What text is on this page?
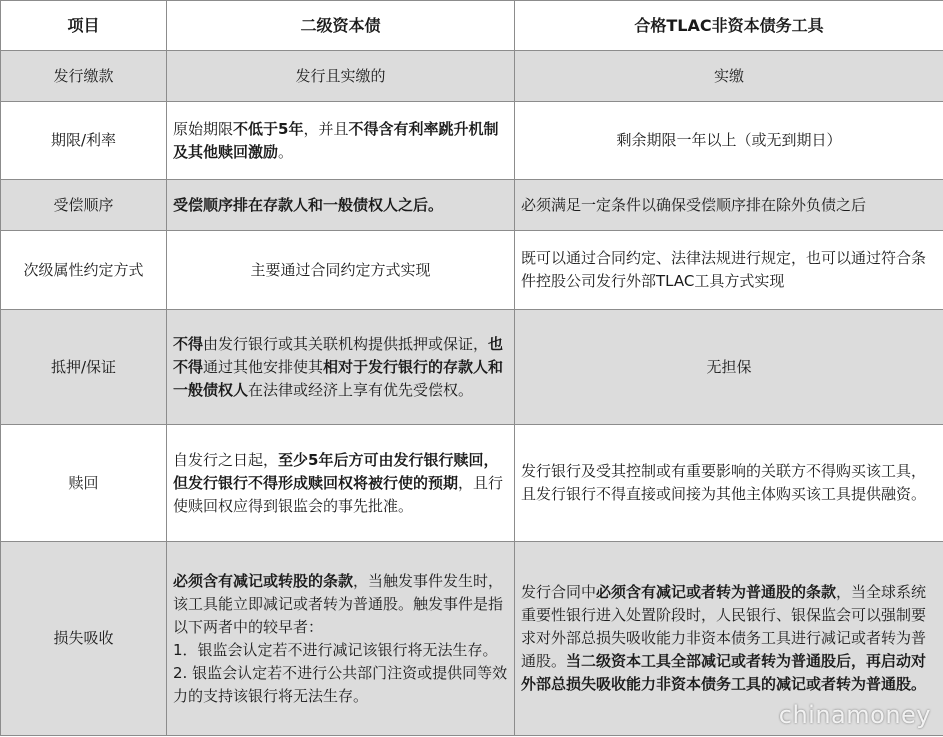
项目	二级资本债	合格TLAC非资本债务工具
发行缴款	发行且实缴的	实缴
期限/利率	原始期限不低于5年，并且不得含有利率跳升机制及其他赎回激励。	剩余期限一年以上（或无到期日）
受偿顺序	受偿顺序排在存款人和一般债权人之后。	必须满足一定条件以确保受偿顺序排在除外负债之后
次级属性约定方式	主要通过合同约定方式实现	既可以通过合同约定、法律法规进行规定，也可以通过符合条件控股公司发行外部TLAC工具方式实现
抵押/保证	不得由发行银行或其关联机构提供抵押或保证，也不得通过其他安排使其相对于发行银行的存款人和一般债权人在法律或经济上享有优先受偿权。	无担保
赎回	自发行之日起，至少5年后方可由发行银行赎回，但发行银行不得形成赎回权将被行使的预期，且行使赎回权应得到银监会的事先批准。	发行银行及受其控制或有重要影响的关联方不得购买该工具，且发行银行不得直接或间接为其他主体购买该工具提供融资。
损失吸收	必须含有减记或转股的条款，当触发事件发生时，该工具能立即减记或者转为普通股。触发事件是指以下两者中的较早者：
1．银监会认定若不进行减记该银行将无法生存。
2. 银监会认定若不进行公共部门注资或提供同等效力的支持该银行将无法生存。	发行合同中必须含有减记或者转为普通股的条款，当全球系统重要性银行进入处置阶段时，人民银行、银保监会可以强制要求对外部总损失吸收能力非资本债务工具进行减记或者转为普通股。当二级资本工具全部减记或者转为普通股后，再启动对外部总损失吸收能力非资本债务工具的减记或者转为普通股。
chinamoney
